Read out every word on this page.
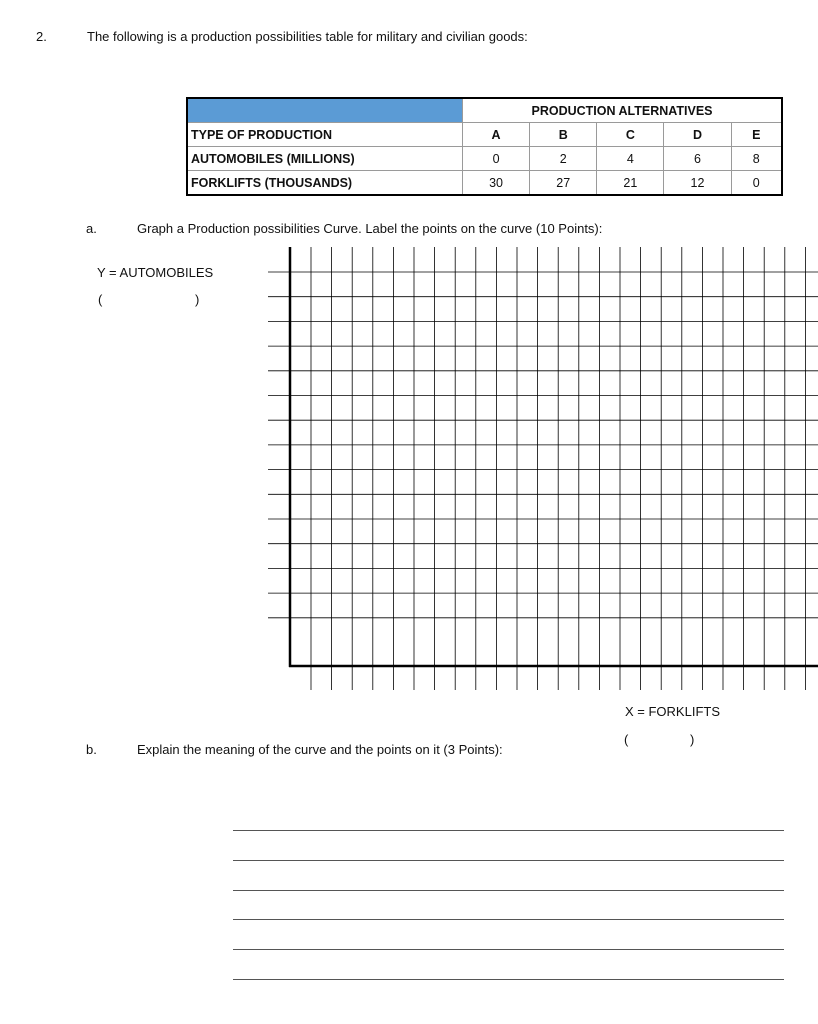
2.	The following is a production possibilities table for military and civilian goods:
	PRODUCTION ALTERNATIVES				
TYPE OF PRODUCTION	A	B	C	D	E
AUTOMOBILES (MILLIONS)	0	2	4	6	8
FORKLIFTS (THOUSANDS)	30	27	21	12	0
a.	Graph a Production possibilities Curve. Label the points on the curve (10 Points):
Y = AUTOMOBILES
(	)
X = FORKLIFTS
(	)
b.	Explain the meaning of the curve and the points on it (3 Points):
